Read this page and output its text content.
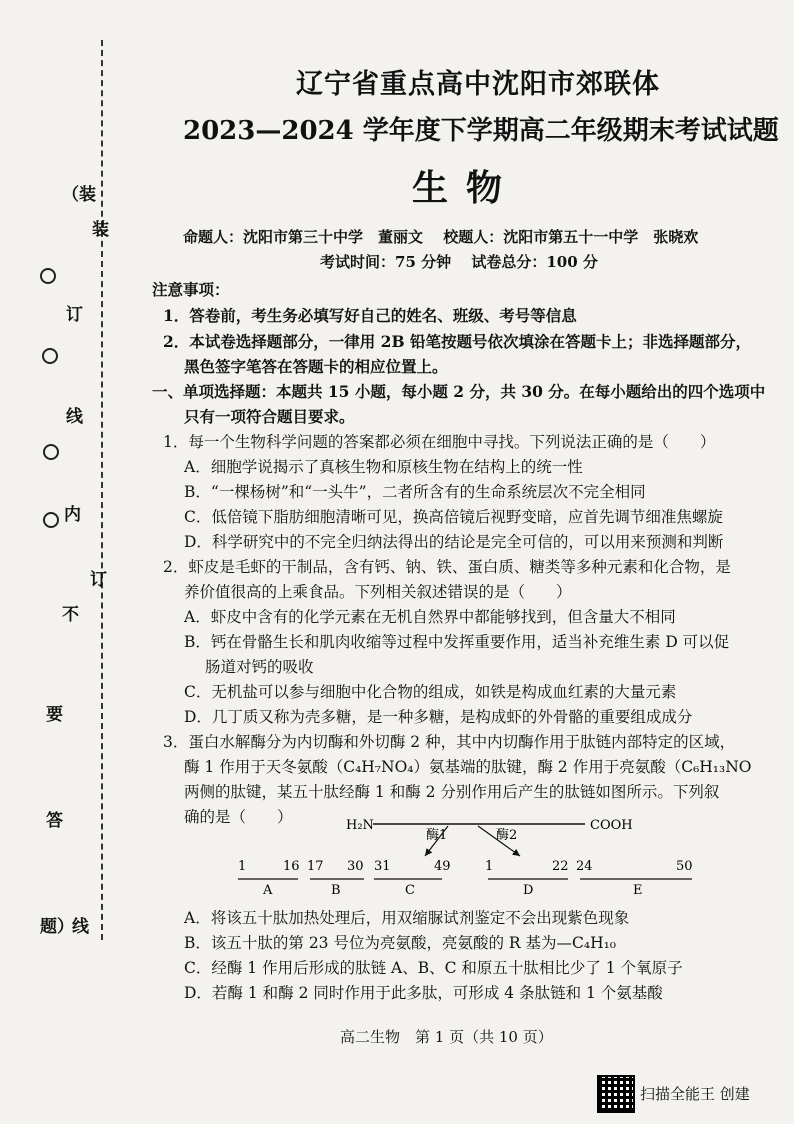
（装
装
订
线
内
订
不
要
答
题）
线
辽宁省重点高中沈阳市郊联体
2023—2024 学年度下学期高二年级期末考试试题
生物
命题人：沈阳市第三十中学　董丽文　 校题人：沈阳市第五十一中学　张晓欢
考试时间：75 分钟　 试卷总分：100 分
注意事项：
1．答卷前，考生务必填写好自己的姓名、班级、考号等信息
2．本试卷选择题部分，一律用 2B 铅笔按题号依次填涂在答题卡上；非选择题部分，
黑色签字笔答在答题卡的相应位置上。
一、单项选择题：本题共 15 小题，每小题 2 分，共 30 分。在每小题给出的四个选项中
只有一项符合题目要求。
1．每一个生物科学问题的答案都必须在细胞中寻找。下列说法正确的是（　　）
A．细胞学说揭示了真核生物和原核生物在结构上的统一性
B．“一棵杨树”和“一头牛”，二者所含有的生命系统层次不完全相同
C．低倍镜下脂肪细胞清晰可见，换高倍镜后视野变暗，应首先调节细准焦螺旋
D．科学研究中的不完全归纳法得出的结论是完全可信的，可以用来预测和判断
2．虾皮是毛虾的干制品，含有钙、钠、铁、蛋白质、糖类等多种元素和化合物，是
养价值很高的上乘食品。下列相关叙述错误的是（　　）
A．虾皮中含有的化学元素在无机自然界中都能够找到，但含量大不相同
B．钙在骨骼生长和肌肉收缩等过程中发挥重要作用，适当补充维生素 D 可以促
肠道对钙的吸收
C．无机盐可以参与细胞中化合物的组成，如铁是构成血红素的大量元素
D．几丁质又称为壳多糖，是一种多糖，是构成虾的外骨骼的重要组成成分
3．蛋白水解酶分为内切酶和外切酶 2 种，其中内切酶作用于肽链内部特定的区域，
酶 1 作用于天冬氨酸（C₄H₇NO₄）氨基端的肽键，酶 2 作用于亮氨酸（C₆H₁₃NO
两侧的肽键，某五十肽经酶 1 和酶 2 分别作用后产生的肽链如图所示。下列叙
确的是（　　）	H₂N	COOH
酶1	酶2
1	16
A
17 30
B
31	49
C
1	22
D
24	50
E
A．将该五十肽加热处理后，用双缩脲试剂鉴定不会出现紫色现象
B．该五十肽的第 23 号位为亮氨酸，亮氨酸的 R 基为—C₄H₁₀
C．经酶 1 作用后形成的肽链 A、B、C 和原五十肽相比少了 1 个氧原子
D．若酶 1 和酶 2 同时作用于此多肽，可形成 4 条肽链和 1 个氨基酸
高二生物　第 1 页（共 10 页）
扫描全能王 创建
